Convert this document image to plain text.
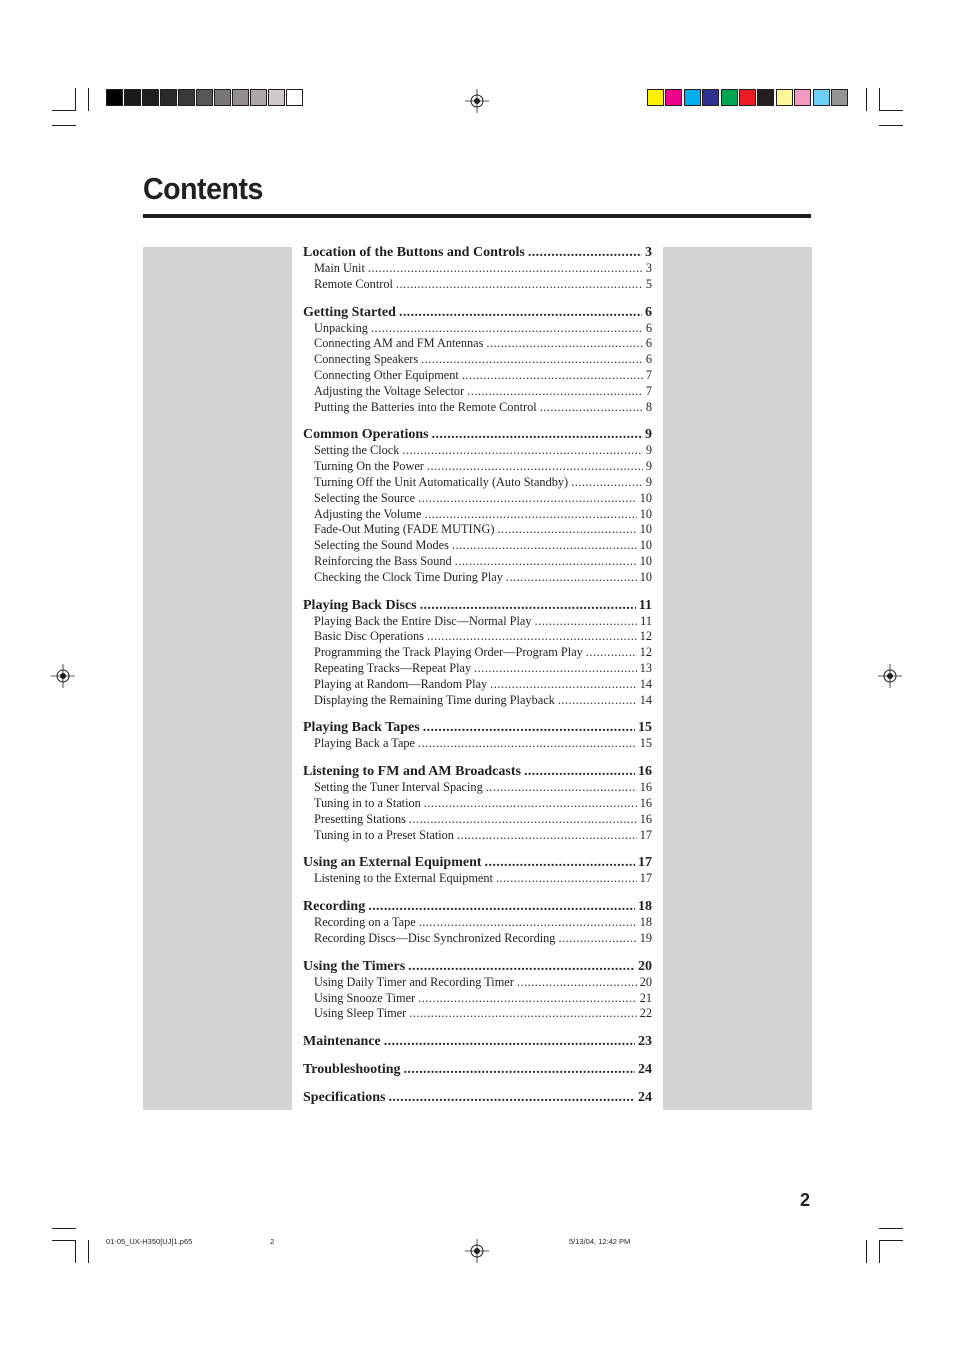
Contents
Location of the Buttons and Controls .....	3
Main Unit .....	3
Remote Control .....	5
Getting Started .....	6
Unpacking .....	6
Connecting AM and FM Antennas .....	6
Connecting Speakers .....	6
Connecting Other Equipment .....	7
Adjusting the Voltage Selector .....	7
Putting the Batteries into the Remote Control .....	8
Common Operations .....	9
Setting the Clock .....	9
Turning On the Power .....	9
Turning Off the Unit Automatically (Auto Standby) .....	9
Selecting the Source .....	10
Adjusting the Volume .....	10
Fade-Out Muting (FADE MUTING) .....	10
Selecting the Sound Modes .....	10
Reinforcing the Bass Sound .....	10
Checking the Clock Time During Play .....	10
Playing Back Discs .....	11
Playing Back the Entire Disc—Normal Play .....	11
Basic Disc Operations .....	12
Programming the Track Playing Order—Program Play .....	12
Repeating Tracks—Repeat Play .....	13
Playing at Random—Random Play .....	14
Displaying the Remaining Time during Playback .....	14
Playing Back Tapes .....	15
Playing Back a Tape .....	15
Listening to FM and AM Broadcasts .....	16
Setting the Tuner Interval Spacing .....	16
Tuning in to a Station .....	16
Presetting Stations .....	16
Tuning in to a Preset Station .....	17
Using an External Equipment .....	17
Listening to the External Equipment .....	17
Recording .....	18
Recording on a Tape .....	18
Recording Discs—Disc Synchronized Recording .....	19
Using the Timers .....	20
Using Daily Timer and Recording Timer .....	20
Using Snooze Timer .....	21
Using Sleep Timer .....	22
Maintenance .....	23
Troubleshooting .....	24
Specifications .....	24
2
01-05_UX-H350[UJ]1.p65	2	5/13/04, 12:42 PM
